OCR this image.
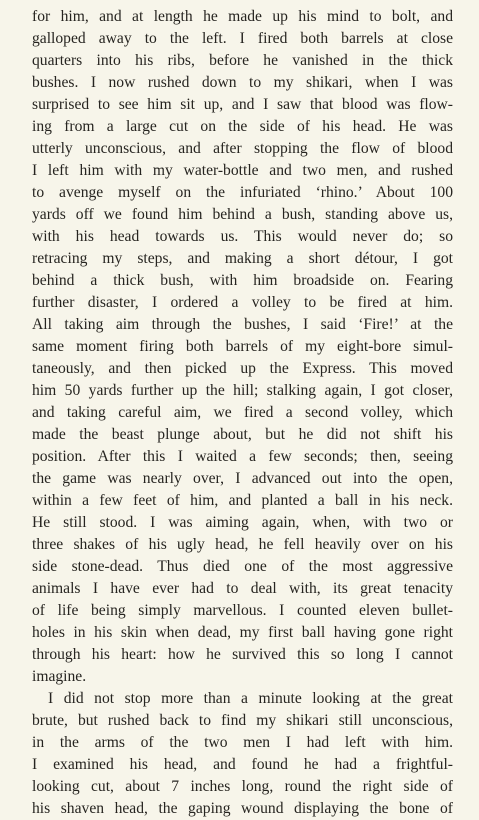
for him, and at length he made up his mind to bolt, and
galloped away to the left. I fired both barrels at close
quarters into his ribs, before he vanished in the thick
bushes. I now rushed down to my shikari, when I was
surprised to see him sit up, and I saw that blood was flow-
ing from a large cut on the side of his head. He was
utterly unconscious, and after stopping the flow of blood
I left him with my water-bottle and two men, and rushed
to avenge myself on the infuriated ‘rhino.’ About 100
yards off we found him behind a bush, standing above us,
with his head towards us. This would never do; so
retracing my steps, and making a short détour, I got
behind a thick bush, with him broadside on. Fearing
further disaster, I ordered a volley to be fired at him.
All taking aim through the bushes, I said ‘Fire!’ at the
same moment firing both barrels of my eight-bore simul-
taneously, and then picked up the Express. This moved
him 50 yards further up the hill; stalking again, I got closer,
and taking careful aim, we fired a second volley, which
made the beast plunge about, but he did not shift his
position. After this I waited a few seconds; then, seeing
the game was nearly over, I advanced out into the open,
within a few feet of him, and planted a ball in his neck.
He still stood. I was aiming again, when, with two or
three shakes of his ugly head, he fell heavily over on his
side stone-dead. Thus died one of the most aggressive
animals I have ever had to deal with, its great tenacity
of life being simply marvellous. I counted eleven bullet-
holes in his skin when dead, my first ball having gone right
through his heart: how he survived this so long I cannot
imagine.
I did not stop more than a minute looking at the great
brute, but rushed back to find my shikari still unconscious,
in the arms of the two men I had left with him.
I examined his head, and found he had a frightful-
looking cut, about 7 inches long, round the right side of
his shaven head, the gaping wound displaying the bone of
